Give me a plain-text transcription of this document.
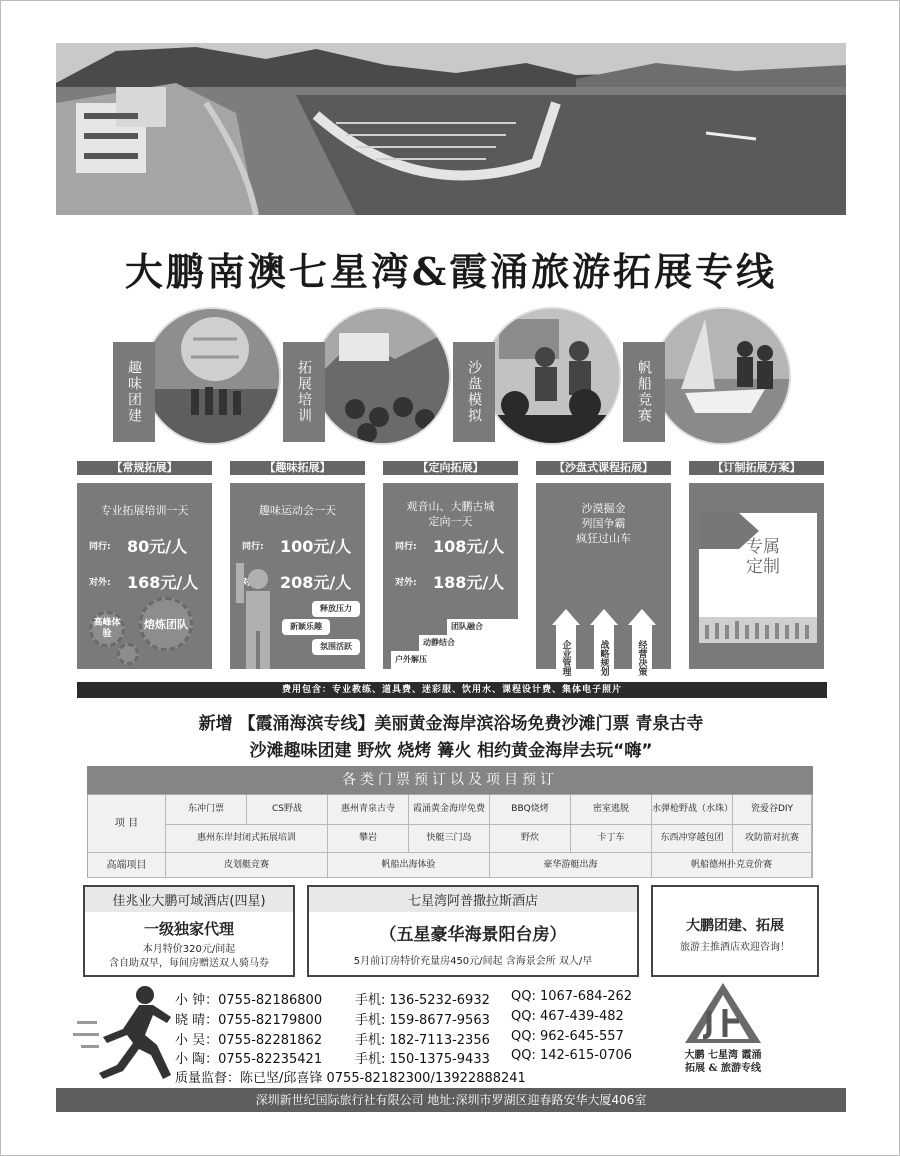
大鹏南澳七星湾&霞涌旅游拓展专线
趣味团建	拓展培训	沙盘模拟	帆船竞赛
【常规拓展】
专业拓展培训一天
同行: 80元/人
对外: 168元/人
高峰体验
熔炼团队
【趣味拓展】
趣味运动会一天
同行: 100元/人
208元/人
释放压力
新颖乐趣
氛围活跃
【定向拓展】
观音山、大鹏古城
定向一天
同行: 108元/人
对外: 188元/人
团队融合
动静结合
户外解压
【沙盘式课程拓展】
沙漠掘金
列国争霸
疯狂过山车
企业管理	战略规划	经营决策
【订制拓展方案】
专属定制
费用包含：专业教练、道具费、迷彩服、饮用水、课程设计费、集体电子照片
新增 【霞涌海滨专线】美丽黄金海岸滨浴场免费沙滩门票 青泉古寺
沙滩趣味团建 野炊 烧烤 篝火 相约黄金海岸去玩“嗨”
各类门票预订以及项目预订
项 目
高端项目
东冲门票	CS野战	惠州青泉古寺	霞涌黄金海岸免费	BBQ烧烤	密室逃脱	水弹枪野战（水珠）	瓷爱谷DIY
惠州东岸封闭式拓展培训	攀岩	快艇三门岛	野炊	卡丁车	东西冲穿越包团	攻防箭对抗赛
皮划艇竞赛	帆船出海体验	豪华游艇出海	帆船德州扑克竞价赛
佳兆业大鹏可域酒店(四星)
一级独家代理
本月特价320元/间起
含自助双早，每间房赠送双人骑马券
七星湾阿普撒拉斯酒店
（五星豪华海景阳台房）
5月前订房特价充量房450元/间起 含海景会所 双人/早
大鹏团建、拓展
旅游主推酒店欢迎咨询！
小 钟：0755-82186800	手机: 136-5232-6932 QQ: 1067-684-262
晓 晴：0755-82179800	手机: 159-8677-9563 QQ: 467-439-482
小 吴：0755-82281862	手机: 182-7113-2356 QQ: 962-645-557
小 陶：0755-82235421	手机: 150-1375-9433 QQ: 142-615-0706
质量监督：陈已坚/邱喜锋 0755-82182300/13922888241
大鹏 七星湾 霞涌
拓展 & 旅游专线
深圳新世纪国际旅行社有限公司 地址:深圳市罗湖区迎春路安华大厦406室
